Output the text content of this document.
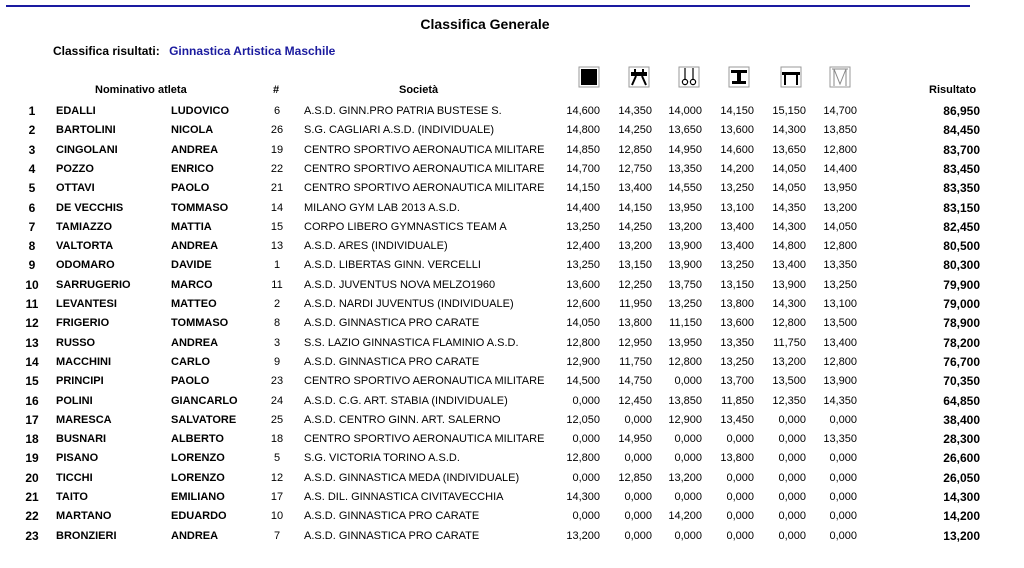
Classifica Generale
Classifica risultati: Ginnastica Artistica Maschile
Nominativo atleta	#	Società	Risultato
1	EDALLI	LUDOVICO	6	A.S.D. GINN.PRO PATRIA BUSTESE S.	14,600	14,350	14,000	14,150	15,150	14,700	86,950
2	BARTOLINI	NICOLA	26	S.G. CAGLIARI A.S.D. (INDIVIDUALE)	14,800	14,250	13,650	13,600	14,300	13,850	84,450
3	CINGOLANI	ANDREA	19	CENTRO SPORTIVO AERONAUTICA MILITARE	14,850	12,850	14,950	14,600	13,650	12,800	83,700
4	POZZO	ENRICO	22	CENTRO SPORTIVO AERONAUTICA MILITARE	14,700	12,750	13,350	14,200	14,050	14,400	83,450
5	OTTAVI	PAOLO	21	CENTRO SPORTIVO AERONAUTICA MILITARE	14,150	13,400	14,550	13,250	14,050	13,950	83,350
6	DE VECCHIS	TOMMASO	14	MILANO GYM LAB 2013 A.S.D.	14,400	14,150	13,950	13,100	14,350	13,200	83,150
7	TAMIAZZO	MATTIA	15	CORPO LIBERO GYMNASTICS TEAM A	13,250	14,250	13,200	13,400	14,300	14,050	82,450
8	VALTORTA	ANDREA	13	A.S.D. ARES (INDIVIDUALE)	12,400	13,200	13,900	13,400	14,800	12,800	80,500
9	ODOMARO	DAVIDE	1	A.S.D. LIBERTAS GINN. VERCELLI	13,250	13,150	13,900	13,250	13,400	13,350	80,300
10	SARRUGERIO	MARCO	11	A.S.D. JUVENTUS NOVA MELZO1960	13,600	12,250	13,750	13,150	13,900	13,250	79,900
11	LEVANTESI	MATTEO	2	A.S.D. NARDI JUVENTUS (INDIVIDUALE)	12,600	11,950	13,250	13,800	14,300	13,100	79,000
12	FRIGERIO	TOMMASO	8	A.S.D. GINNASTICA PRO CARATE	14,050	13,800	11,150	13,600	12,800	13,500	78,900
13	RUSSO	ANDREA	3	S.S. LAZIO GINNASTICA FLAMINIO A.S.D.	12,800	12,950	13,950	13,350	11,750	13,400	78,200
14	MACCHINI	CARLO	9	A.S.D. GINNASTICA PRO CARATE	12,900	11,750	12,800	13,250	13,200	12,800	76,700
15	PRINCIPI	PAOLO	23	CENTRO SPORTIVO AERONAUTICA MILITARE	14,500	14,750	0,000	13,700	13,500	13,900	70,350
16	POLINI	GIANCARLO	24	A.S.D. C.G. ART. STABIA (INDIVIDUALE)	0,000	12,450	13,850	11,850	12,350	14,350	64,850
17	MARESCA	SALVATORE	25	A.S.D. CENTRO GINN. ART. SALERNO	12,050	0,000	12,900	13,450	0,000	0,000	38,400
18	BUSNARI	ALBERTO	18	CENTRO SPORTIVO AERONAUTICA MILITARE	0,000	14,950	0,000	0,000	0,000	13,350	28,300
19	PISANO	LORENZO	5	S.G. VICTORIA TORINO A.S.D.	12,800	0,000	0,000	13,800	0,000	0,000	26,600
20	TICCHI	LORENZO	12	A.S.D. GINNASTICA MEDA (INDIVIDUALE)	0,000	12,850	13,200	0,000	0,000	0,000	26,050
21	TAITO	EMILIANO	17	A.S. DIL. GINNASTICA CIVITAVECCHIA	14,300	0,000	0,000	0,000	0,000	0,000	14,300
22	MARTANO	EDUARDO	10	A.S.D. GINNASTICA PRO CARATE	0,000	0,000	14,200	0,000	0,000	0,000	14,200
23	BRONZIERI	ANDREA	7	A.S.D. GINNASTICA PRO CARATE	13,200	0,000	0,000	0,000	0,000	0,000	13,200
